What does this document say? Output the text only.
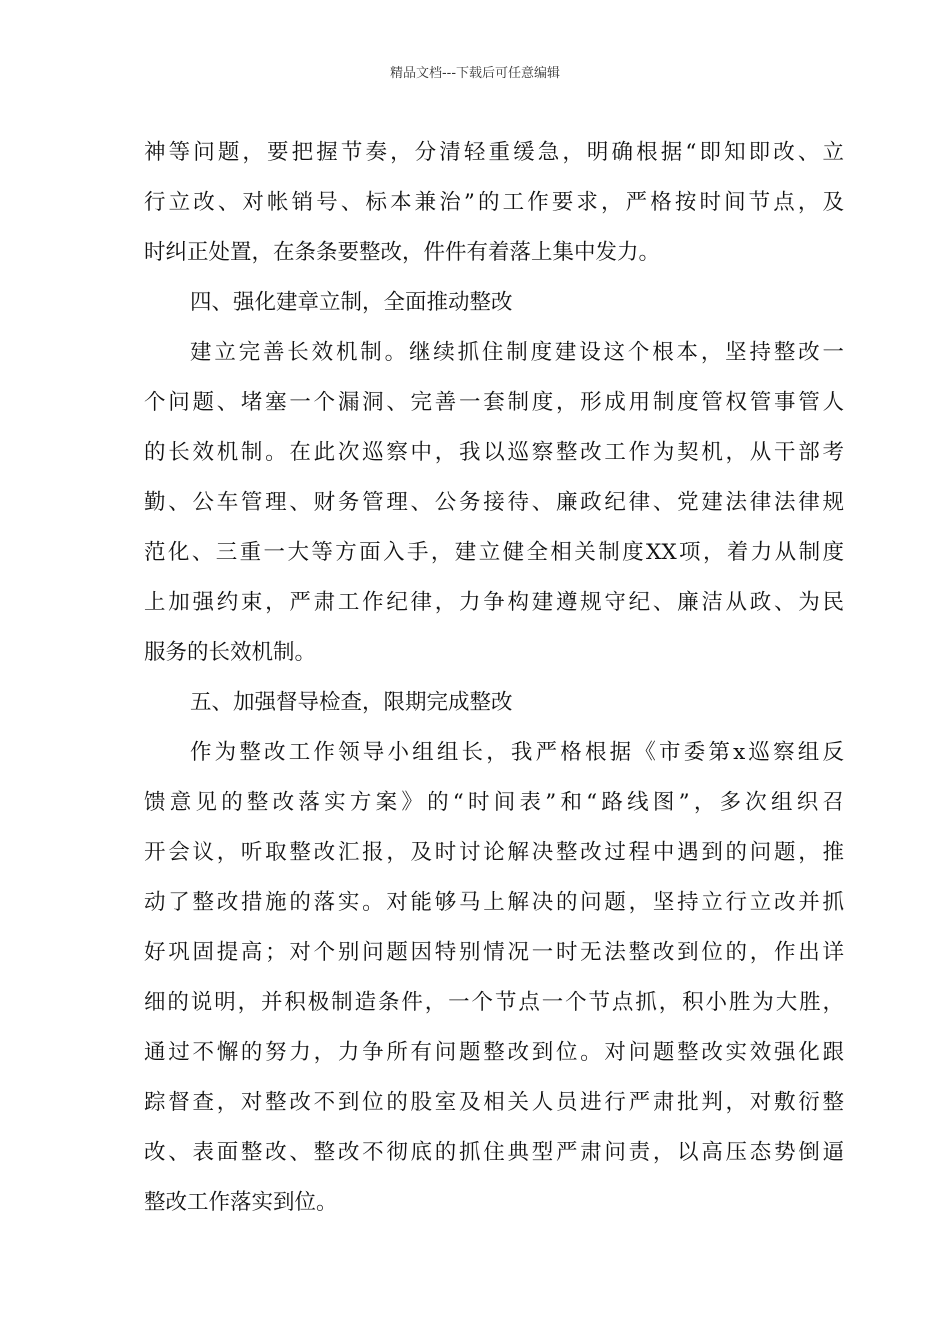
精品文档---下载后可任意编辑
神等问题，要把握节奏，分清轻重缓急，明确根据“即知即改、立
行立改、对帐销号、标本兼治”的工作要求，严格按时间节点，及
时纠正处置，在条条要整改，件件有着落上集中发力。
四、强化建章立制，全面推动整改
建立完善长效机制。继续抓住制度建设这个根本，坚持整改一
个问题、堵塞一个漏洞、完善一套制度，形成用制度管权管事管人
的长效机制。在此次巡察中，我以巡察整改工作为契机，从干部考
勤、公车管理、财务管理、公务接待、廉政纪律、党建法律法律规
范化、三重一大等方面入手，建立健全相关制度XX项，着力从制度
上加强约束，严肃工作纪律，力争构建遵规守纪、廉洁从政、为民
服务的长效机制。
五、加强督导检查，限期完成整改
作为整改工作领导小组组长，我严格根据《市委第x巡察组反
馈意见的整改落实方案》的“时间表”和“路线图”，多次组织召
开会议，听取整改汇报，及时讨论解决整改过程中遇到的问题，推
动了整改措施的落实。对能够马上解决的问题，坚持立行立改并抓
好巩固提高；对个别问题因特别情况一时无法整改到位的，作出详
细的说明，并积极制造条件，一个节点一个节点抓，积小胜为大胜，
通过不懈的努力，力争所有问题整改到位。对问题整改实效强化跟
踪督查，对整改不到位的股室及相关人员进行严肃批判，对敷衍整
改、表面整改、整改不彻底的抓住典型严肃问责，以高压态势倒逼
整改工作落实到位。
